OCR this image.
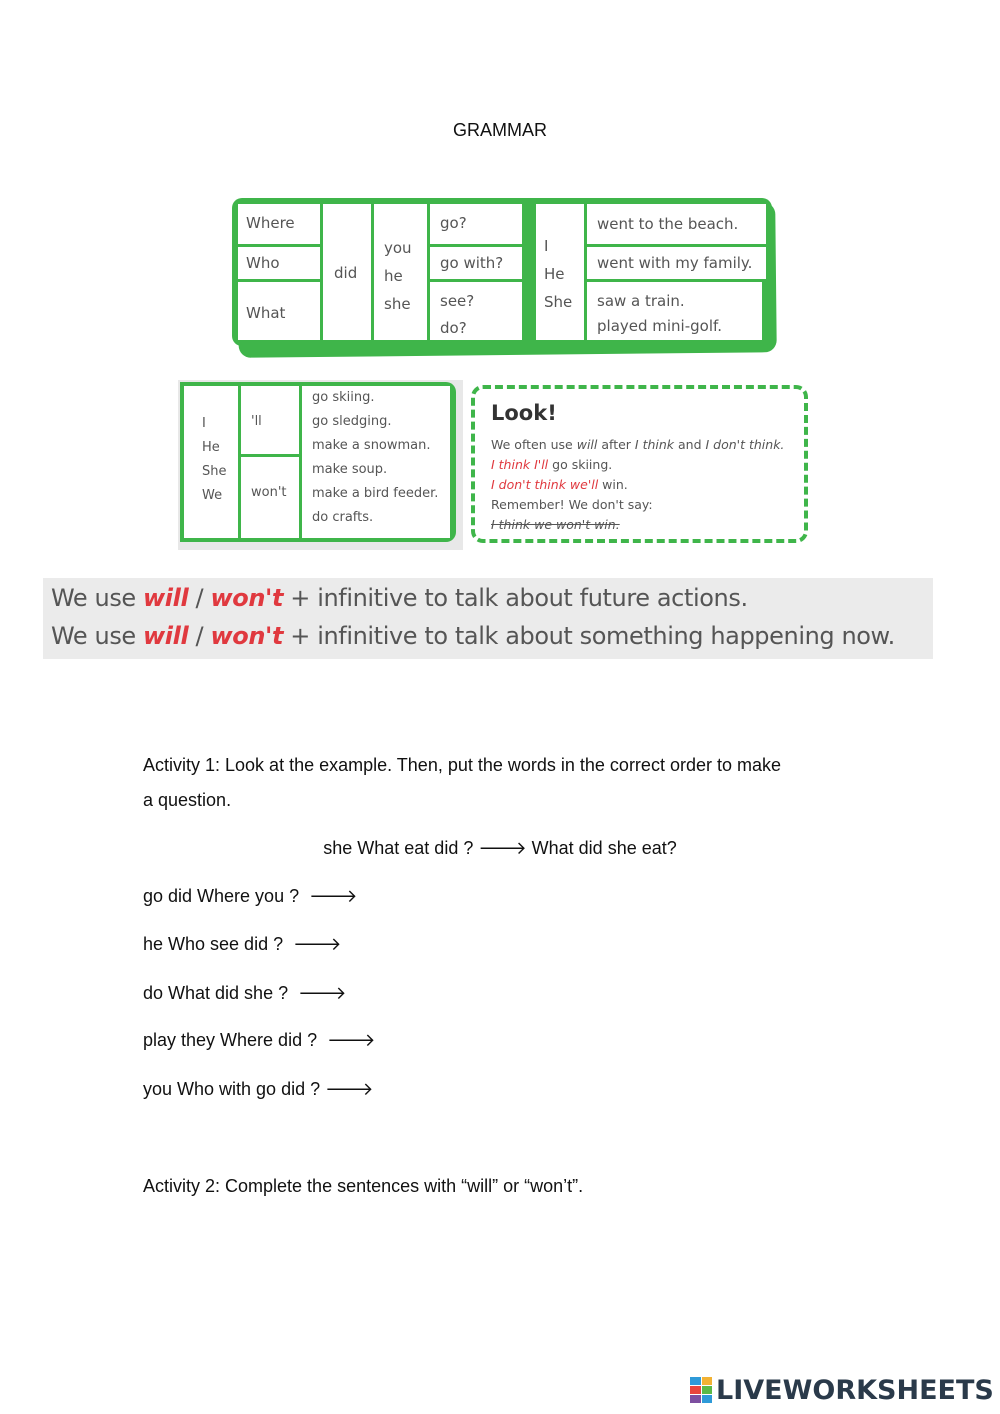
GRAMMAR
Where
Who
What
did
you
he
she
go?
go with?
see?
do?
I
He
She
went to the beach.
went with my family.
saw a train.
played mini-golf.
I
He
She
We
'll
won't
go skiing.
go sledging.
make a snowman.
make soup.
make a bird feeder.
do crafts.
Look!
We often use will after I think and I don't think.
I think I'll go skiing.
I don't think we'll win.
Remember! We don't say:
I think we won't win.
We use will / won't + infinitive to talk about future actions.
We use will / won't + infinitive to talk about something happening now.
Activity 1: Look at the example. Then, put the words in the correct order to make
a question.
she What eat did ? 🡒 What did she eat?
go did Where you ? 🡒
he Who see did ? 🡒
do What did she ? 🡒
play they Where did ? 🡒
you Who with go did ? 🡒
Activity 2: Complete the sentences with “will” or “won’t”.
LIVEWORKSHEETS
